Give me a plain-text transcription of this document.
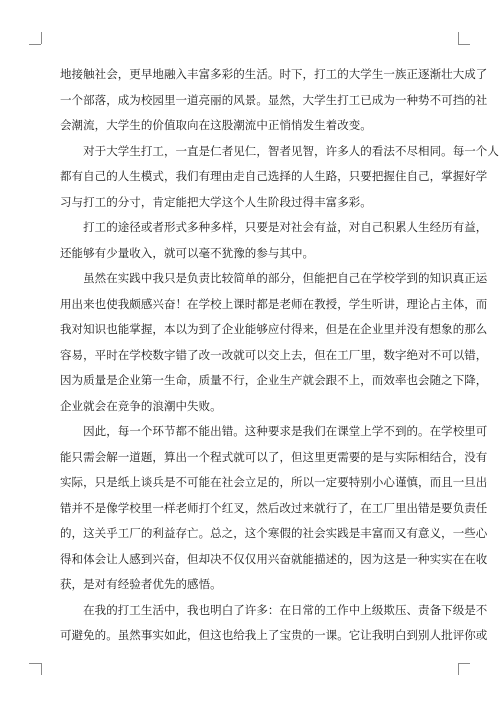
地接触社会，更早地融入丰富多彩的生活。时下，打工的大学生一族正逐渐壮大成了
一个部落，成为校园里一道亮丽的风景。显然，大学生打工已成为一种势不可挡的社
会潮流，大学生的价值取向在这股潮流中正悄悄发生着改变。
　　对于大学生打工，一直是仁者见仁，智者见智，许多人的看法不尽相同。每一个人
都有自己的人生模式，我们有理由走自己选择的人生路，只要把握住自己，掌握好学
习与打工的分寸，肯定能把大学这个人生阶段过得丰富多彩。
　　打工的途径或者形式多种多样，只要是对社会有益，对自己积累人生经历有益，
还能够有少量收入，就可以毫不犹豫的参与其中。
　　虽然在实践中我只是负责比较简单的部分，但能把自己在学校学到的知识真正运
用出来也使我颇感兴奋！在学校上课时都是老师在教授，学生听讲，理论占主体，而
我对知识也能掌握，本以为到了企业能够应付得来，但是在企业里并没有想象的那么
容易，平时在学校数字错了改一改就可以交上去，但在工厂里，数字绝对不可以错，
因为质量是企业第一生命，质量不行，企业生产就会跟不上，而效率也会随之下降，
企业就会在竞争的浪潮中失败。
　　因此，每一个环节都不能出错。这种要求是我们在课堂上学不到的。在学校里可
能只需会解一道题，算出一个程式就可以了，但这里更需要的是与实际相结合，没有
实际，只是纸上谈兵是不可能在社会立足的，所以一定要特别小心谨慎，而且一旦出
错并不是像学校里一样老师打个红叉，然后改过来就行了，在工厂里出错是要负责任
的，这关乎工厂的利益存亡。总之，这个寒假的社会实践是丰富而又有意义，一些心
得和体会让人感到兴奋，但却决不仅仅用兴奋就能描述的，因为这是一种实实在在收
获，是对有经验者优先的感悟。
　　在我的打工生活中，我也明白了许多：在日常的工作中上级欺压、责备下级是不
可避免的。虽然事实如此，但这也给我上了宝贵的一课。它让我明白到别人批评你或
